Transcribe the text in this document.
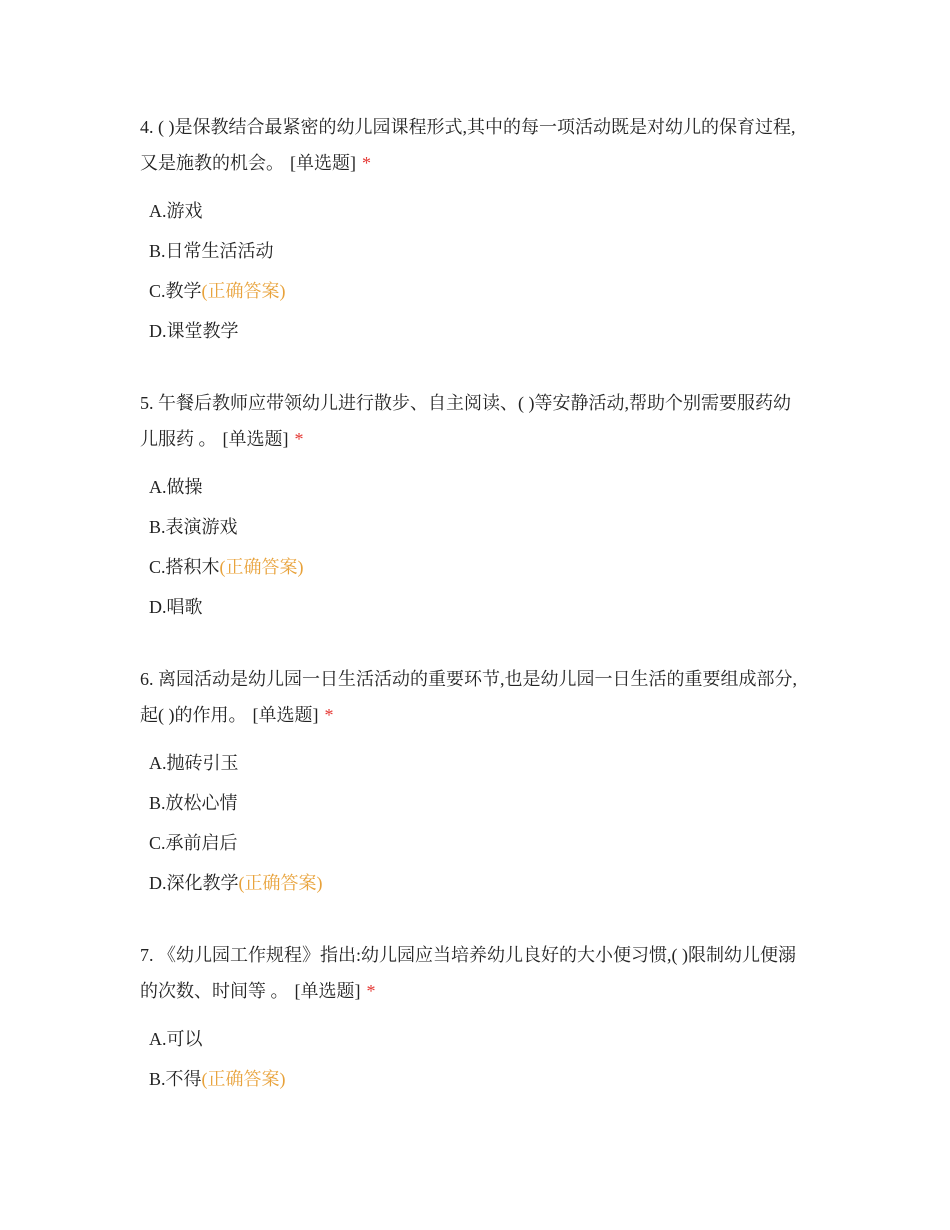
4. ( )是保教结合最紧密的幼儿园课程形式,其中的每一项活动既是对幼儿的保育过程,又是施教的机会。 [单选题] *

A.游戏
B.日常生活活动
C.教学(正确答案)
D.课堂教学

5. 午餐后教师应带领幼儿进行散步、自主阅读、( )等安静活动,帮助个别需要服药幼儿服药 。 [单选题] *

A.做操
B.表演游戏
C.搭积木(正确答案)
D.唱歌

6. 离园活动是幼儿园一日生活活动的重要环节,也是幼儿园一日生活的重要组成部分,起( )的作用。 [单选题] *

A.抛砖引玉
B.放松心情
C.承前启后
D.深化教学(正确答案)

7. 《幼儿园工作规程》指出:幼儿园应当培养幼儿良好的大小便习惯,( )限制幼儿便溺的次数、时间等 。 [单选题] *

A.可以
B.不得(正确答案)
